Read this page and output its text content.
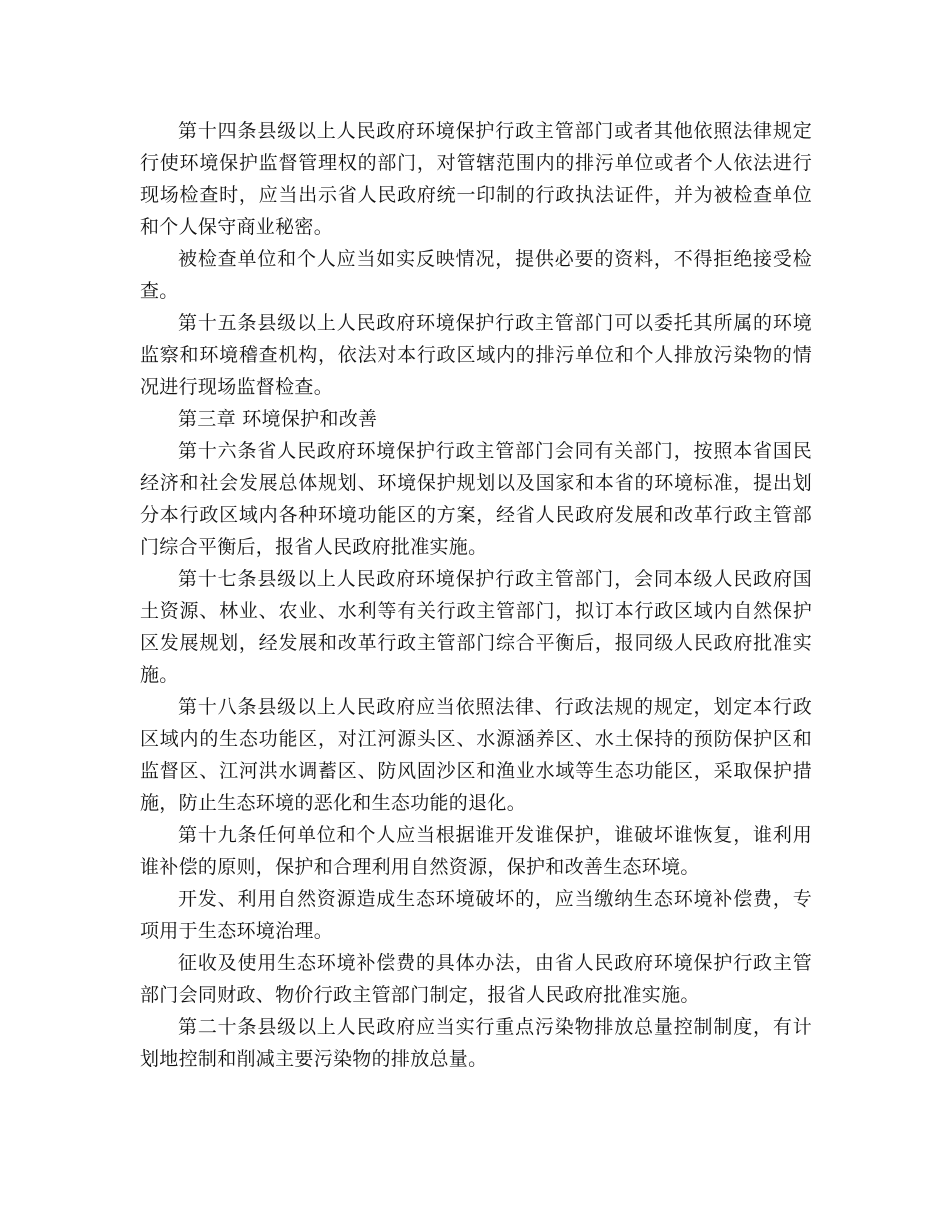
第十四条县级以上人民政府环境保护行政主管部门或者其他依照法律规定行使环境保护监督管理权的部门，对管辖范围内的排污单位或者个人依法进行现场检查时，应当出示省人民政府统一印制的行政执法证件，并为被检查单位和个人保守商业秘密。

被检查单位和个人应当如实反映情况，提供必要的资料，不得拒绝接受检查。

第十五条县级以上人民政府环境保护行政主管部门可以委托其所属的环境监察和环境稽查机构，依法对本行政区域内的排污单位和个人排放污染物的情况进行现场监督检查。

第三章 环境保护和改善

第十六条省人民政府环境保护行政主管部门会同有关部门，按照本省国民经济和社会发展总体规划、环境保护规划以及国家和本省的环境标准，提出划分本行政区域内各种环境功能区的方案，经省人民政府发展和改革行政主管部门综合平衡后，报省人民政府批准实施。

第十七条县级以上人民政府环境保护行政主管部门，会同本级人民政府国土资源、林业、农业、水利等有关行政主管部门，拟订本行政区域内自然保护区发展规划，经发展和改革行政主管部门综合平衡后，报同级人民政府批准实施。

第十八条县级以上人民政府应当依照法律、行政法规的规定，划定本行政区域内的生态功能区，对江河源头区、水源涵养区、水土保持的预防保护区和监督区、江河洪水调蓄区、防风固沙区和渔业水域等生态功能区，采取保护措施，防止生态环境的恶化和生态功能的退化。

第十九条任何单位和个人应当根据谁开发谁保护，谁破坏谁恢复，谁利用谁补偿的原则，保护和合理利用自然资源，保护和改善生态环境。

开发、利用自然资源造成生态环境破坏的，应当缴纳生态环境补偿费，专项用于生态环境治理。

征收及使用生态环境补偿费的具体办法，由省人民政府环境保护行政主管部门会同财政、物价行政主管部门制定，报省人民政府批准实施。

第二十条县级以上人民政府应当实行重点污染物排放总量控制制度，有计划地控制和削减主要污染物的排放总量。
